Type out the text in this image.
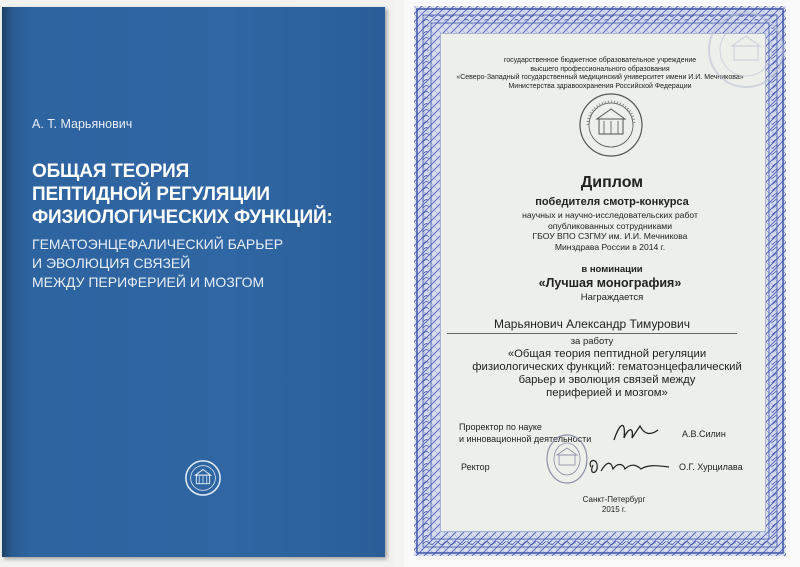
А. Т. Марьянович
ОБЩАЯ ТЕОРИЯ
ПЕПТИДНОЙ РЕГУЛЯЦИИ
ФИЗИОЛОГИЧЕСКИХ ФУНКЦИЙ:
ГЕМАТОЭНЦЕФАЛИЧЕСКИЙ БАРЬЕР
И ЭВОЛЮЦИЯ СВЯЗЕЙ
МЕЖДУ ПЕРИФЕРИЕЙ И МОЗГОМ
государственное бюджетное образовательное учреждение
высшего профессионального образования
«Северо-Западный государственный медицинский университет имени И.И. Мечникова»
Министерства здравоохранения Российской Федерации
Диплом
победителя смотр-конкурса
научных и научно-исследовательских работ
опубликованных сотрудниками
ГБОУ ВПО СЗГМУ им. И.И. Мечникова
Минздрава России в 2014 г.
в номинации
«Лучшая монография»
Награждается
Марьянович Александр Тимурович
за работу
«Общая теория пептидной регуляции
физиологических функций: гематоэнцефалический
барьер и эволюция связей между
периферией и мозгом»
Проректор по науке
и инновационной деятельности	А.В.Силин
Ректор	О.Г. Хурцилава
Санкт-Петербург
2015 г.
